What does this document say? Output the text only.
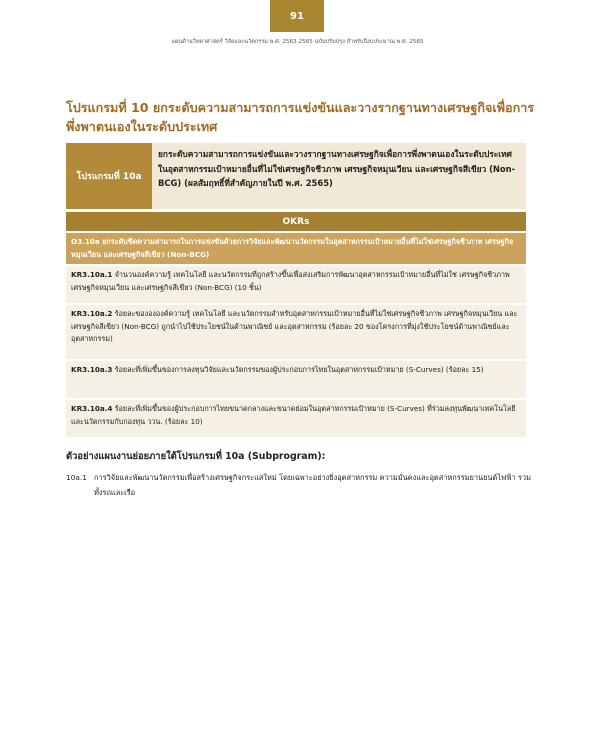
91
แผนด้านวิทยาศาสตร์ วิจัยและนวัตกรรม พ.ศ. 2563-2565 ฉบับปรับปรุง สำหรับปีงบประมาณ พ.ศ. 2565
โปรแกรมที่ 10 ยกระดับความสามารถการแข่งขันและวางรากฐานทางเศรษฐกิจเพื่อการพึ่งพาตนเองในระดับประเทศ
โปรแกรมที่ 10a
ยกระดับความสามารถการแข่งขันและวางรากฐานทางเศรษฐกิจเพื่อการพึ่งพาตนเองในระดับประเทศในอุตสาหกรรมเป้าหมายอื่นที่ไม่ใช่เศรษฐกิจชีวภาพ เศรษฐกิจหมุนเวียน และเศรษฐกิจสีเขียว (Non-BCG) (ผลสัมฤทธิ์ที่สำคัญภายในปี พ.ศ. 2565)
OKRs
O3.10a ยกระดับขีดความสามารถในการแข่งขันด้วยการวิจัยและพัฒนานวัตกรรมในอุตสาหกรรมเป้าหมายอื่นที่ไม่ใช่เศรษฐกิจชีวภาพ เศรษฐกิจหมุนเวียน และเศรษฐกิจสีเขียว (Non-BCG)
KR3.10a.1 จำนวนองค์ความรู้ เทคโนโลยี และนวัตกรรมที่ถูกสร้างขึ้นเพื่อส่งเสริมการพัฒนาอุตสาหกรรมเป้าหมายอื่นที่ไม่ใช่ เศรษฐกิจชีวภาพ เศรษฐกิจหมุนเวียน และเศรษฐกิจสีเขียว (Non-BCG) (10 ชิ้น)
KR3.10a.2 ร้อยละของององค์ความรู้ เทคโนโลยี และนวัตกรรมสำหรับอุตสาหกรรมเป้าหมายอื่นที่ไม่ใช่เศรษฐกิจชีวภาพ เศรษฐกิจหมุนเวียน และเศรษฐกิจสีเขียว (Non-BCG) ถูกนำไปใช้ประโยชน์ในด้านพาณิชย์ และอุตสาหกรรม (ร้อยละ 20 ของโครงการที่มุ่งใช้ประโยชน์ด้านพาณิชย์และอุตสาหกรรม)
KR3.10a.3 ร้อยละที่เพิ่มขึ้นของการลงทุนวิจัยและนวัตกรรมของผู้ประกอบการไทยในอุตสาหกรรมเป้าหมาย (S-Curves) (ร้อยละ 15)
KR3.10a.4 ร้อยละที่เพิ่มขึ้นของผู้ประกอบการไทยขนาดกลางและขนาดย่อมในอุตสาหกรรมเป้าหมาย (S-Curves) ที่ร่วมลงทุนพัฒนาเทคโนโลยีและนวัตกรรมกับกองทุน ววน. (ร้อยละ 10)
ตัวอย่างแผนงานย่อยภายใต้โปรแกรมที่ 10a (Subprogram):
10a.1 การวิจัยและพัฒนานวัตกรรมเพื่อสร้างเศรษฐกิจกระแสใหม่ โดยเฉพาะอย่างยิ่งอุตสาหกรรม ความมั่นคงและอุตสาหกรรมยานยนต์ไฟฟ้า รวมทั้งรถและเรือ
